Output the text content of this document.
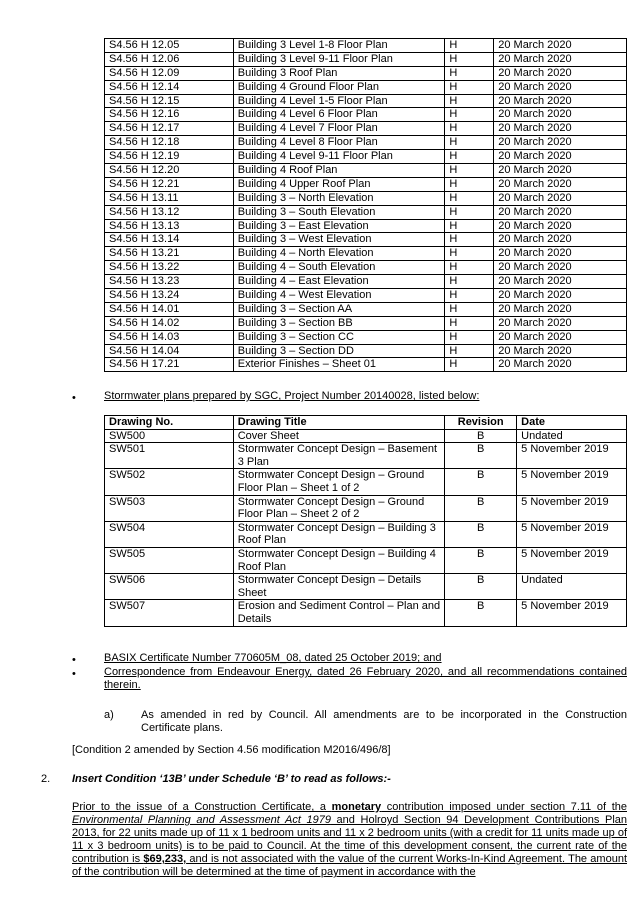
S4.56 H 12.05	Building 3 Level 1-8 Floor Plan	H	20 March 2020
S4.56 H 12.06	Building 3 Level 9-11 Floor Plan	H	20 March 2020
S4.56 H 12.09	Building 3 Roof Plan	H	20 March 2020
S4.56 H 12.14	Building 4 Ground Floor Plan	H	20 March 2020
S4.56 H 12.15	Building 4 Level 1-5 Floor Plan	H	20 March 2020
S4.56 H 12.16	Building 4 Level 6 Floor Plan	H	20 March 2020
S4.56 H 12.17	Building 4 Level 7 Floor Plan	H	20 March 2020
S4.56 H 12.18	Building 4 Level 8 Floor Plan	H	20 March 2020
S4.56 H 12.19	Building 4 Level 9-11 Floor Plan	H	20 March 2020
S4.56 H 12.20	Building 4 Roof Plan	H	20 March 2020
S4.56 H 12.21	Building 4 Upper Roof Plan	H	20 March 2020
S4.56 H 13.11	Building 3 – North Elevation	H	20 March 2020
S4.56 H 13.12	Building 3 – South Elevation	H	20 March 2020
S4.56 H 13.13	Building 3 – East Elevation	H	20 March 2020
S4.56 H 13.14	Building 3 – West Elevation	H	20 March 2020
S4.56 H 13.21	Building 4 – North Elevation	H	20 March 2020
S4.56 H 13.22	Building 4 – South Elevation	H	20 March 2020
S4.56 H 13.23	Building 4 – East Elevation	H	20 March 2020
S4.56 H 13.24	Building 4 – West Elevation	H	20 March 2020
S4.56 H 14.01	Building 3 – Section AA	H	20 March 2020
S4.56 H 14.02	Building 3 – Section BB	H	20 March 2020
S4.56 H 14.03	Building 3 – Section CC	H	20 March 2020
S4.56 H 14.04	Building 3 – Section DD	H	20 March 2020
S4.56 H 17.21	Exterior Finishes – Sheet 01	H	20 March 2020
•	Stormwater plans prepared by SGC, Project Number 20140028, listed below:
Drawing No.	Drawing Title	Revision	Date
SW500	Cover Sheet	B	Undated
SW501	Stormwater Concept Design – Basement 3 Plan	B	5 November 2019
SW502	Stormwater Concept Design – Ground Floor Plan – Sheet 1 of 2	B	5 November 2019
SW503	Stormwater Concept Design – Ground Floor Plan – Sheet 2 of 2	B	5 November 2019
SW504	Stormwater Concept Design – Building 3 Roof Plan	B	5 November 2019
SW505	Stormwater Concept Design – Building 4 Roof Plan	B	5 November 2019
SW506	Stormwater Concept Design – Details Sheet	B	Undated
SW507	Erosion and Sediment Control – Plan and Details	B	5 November 2019
•	BASIX Certificate Number 770605M_08, dated 25 October 2019; and
•	Correspondence from Endeavour Energy, dated 26 February 2020, and all recommendations contained therein.
a) As amended in red by Council. All amendments are to be incorporated in the Construction Certificate plans.
[Condition 2 amended by Section 4.56 modification M2016/496/8]
2. Insert Condition ‘13B’ under Schedule ‘B’ to read as follows:-
Prior to the issue of a Construction Certificate, a monetary contribution imposed under section 7.11 of the Environmental Planning and Assessment Act 1979 and Holroyd Section 94 Development Contributions Plan 2013, for 22 units made up of 11 x 1 bedroom units and 11 x 2 bedroom units (with a credit for 11 units made up of 11 x 3 bedroom units) is to be paid to Council. At the time of this development consent, the current rate of the contribution is $69,233, and is not associated with the value of the current Works-In-Kind Agreement. The amount of the contribution will be determined at the time of payment in accordance with the
